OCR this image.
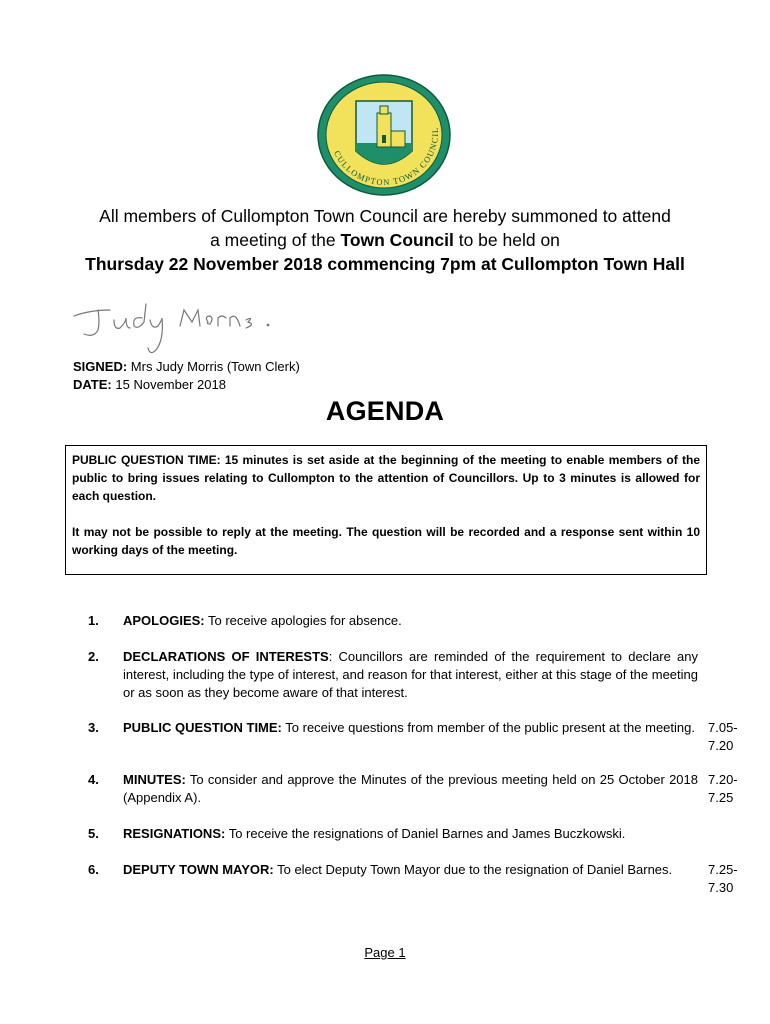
CULLOMPTON TOWN COUNCIL
All members of Cullompton Town Council are hereby summoned to attend
a meeting of the Town Council to be held on
Thursday 22 November 2018 commencing 7pm at Cullompton Town Hall
SIGNED: Mrs Judy Morris (Town Clerk)
DATE: 15 November 2018
AGENDA

PUBLIC QUESTION TIME: 15 minutes is set aside at the beginning of the meeting to enable members of the public to bring issues relating to Cullompton to the attention of Councillors. Up to 3 minutes is allowed for each question.

It may not be possible to reply at the meeting. The question will be recorded and a response sent within 10 working days of the meeting.

1. APOLOGIES: To receive apologies for absence.
2. DECLARATIONS OF INTERESTS: Councillors are reminded of the requirement to declare any interest, including the type of interest, and reason for that interest, either at this stage of the meeting or as soon as they become aware of that interest.
3. PUBLIC QUESTION TIME: To receive questions from member of the public present at the meeting. 7.05-
7.20
4. MINUTES: To consider and approve the Minutes of the previous meeting held on 25 October 2018 (Appendix A).
7.20-
7.25
5. RESIGNATIONS: To receive the resignations of Daniel Barnes and James Buczkowski.
6. DEPUTY TOWN MAYOR: To elect Deputy Town Mayor due to the resignation of Daniel Barnes.	7.25-
7.30
Page 1
